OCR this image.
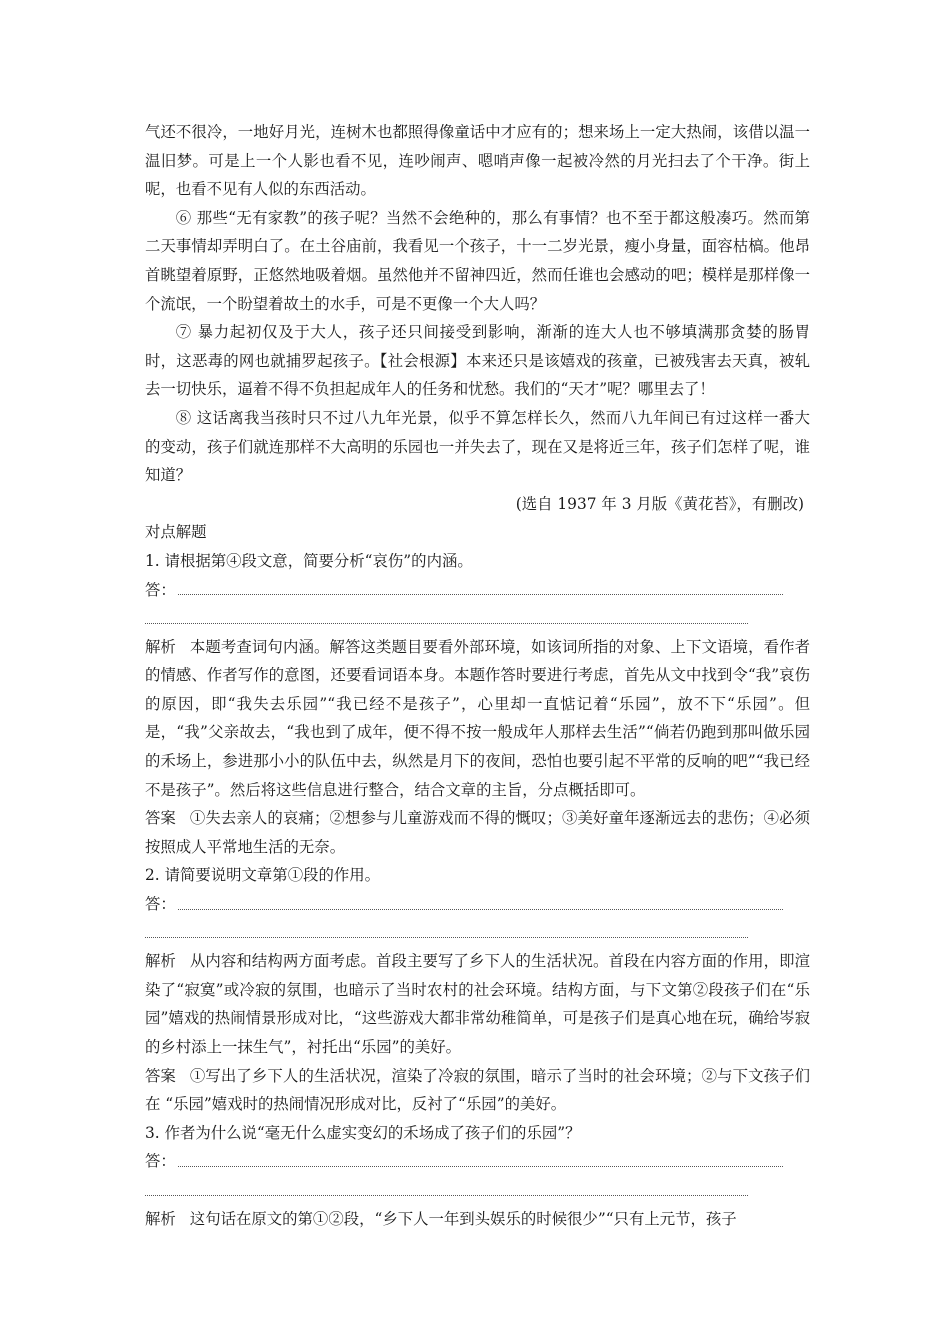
气还不很冷，一地好月光，连树木也都照得像童话中才应有的；想来场上一定大热闹，该借以温一温旧梦。可是上一个人影也看不见，连吵闹声、嗯哨声像一起被冷然的月光扫去了个干净。街上呢，也看不见有人似的东西活动。

⑥ 那些“无有家教”的孩子呢？当然不会绝种的，那么有事情？也不至于都这般凑巧。然而第二天事情却弄明白了。在土谷庙前，我看见一个孩子，十一二岁光景，瘦小身量，面容枯槁。他昂首眺望着原野，正悠然地吸着烟。虽然他并不留神四近，然而任谁也会感动的吧；模样是那样像一个流氓，一个盼望着故土的水手，可是不更像一个大人吗？

⑦ 暴力起初仅及于大人，孩子还只间接受到影响，渐渐的连大人也不够填满那贪婪的肠胃时，这恶毒的网也就捕罗起孩子。【社会根源】本来还只是该嬉戏的孩童，已被残害去天真，被轧去一切快乐，逼着不得不负担起成年人的任务和忧愁。我们的“天才”呢？哪里去了！

⑧ 这话离我当孩时只不过八九年光景，似乎不算怎样长久，然而八九年间已有过这样一番大的变动，孩子们就连那样不大高明的乐园也一并失去了，现在又是将近三年，孩子们怎样了呢，谁知道？

(选自 1937 年 3 月版《黄花苔》，有删改)

对点解题

1. 请根据第④段文意，简要分析“哀伤”的内涵。

答：

解析 本题考查词句内涵。解答这类题目要看外部环境，如该词所指的对象、上下文语境，看作者的情感、作者写作的意图，还要看词语本身。本题作答时要进行考虑，首先从文中找到令“我”哀伤的原因，即“我失去乐园”“我已经不是孩子”，心里却一直惦记着“乐园”，放不下“乐园”。但是，“我”父亲故去，“我也到了成年，便不得不按一般成年人那样去生活”“倘若仍跑到那叫做乐园的禾场上，参进那小小的队伍中去，纵然是月下的夜间，恐怕也要引起不平常的反响的吧”“我已经不是孩子”。然后将这些信息进行整合，结合文章的主旨，分点概括即可。

答案 ①失去亲人的哀痛；②想参与儿童游戏而不得的慨叹；③美好童年逐渐远去的悲伤；④必须按照成人平常地生活的无奈。

2. 请简要说明文章第①段的作用。

答：

解析 从内容和结构两方面考虑。首段主要写了乡下人的生活状况。首段在内容方面的作用，即渲染了“寂寞”或冷寂的氛围，也暗示了当时农村的社会环境。结构方面，与下文第②段孩子们在“乐园”嬉戏的热闹情景形成对比，“这些游戏大都非常幼稚简单，可是孩子们是真心地在玩，确给岑寂的乡村添上一抹生气”，衬托出“乐园”的美好。

答案 ①写出了乡下人的生活状况，渲染了冷寂的氛围，暗示了当时的社会环境；②与下文孩子们在 “乐园”嬉戏时的热闹情况形成对比，反衬了“乐园”的美好。

3. 作者为什么说“毫无什么虚实变幻的禾场成了孩子们的乐园”？

答：

解析 这句话在原文的第①②段，“乡下人一年到头娱乐的时候很少”“只有上元节，孩子
